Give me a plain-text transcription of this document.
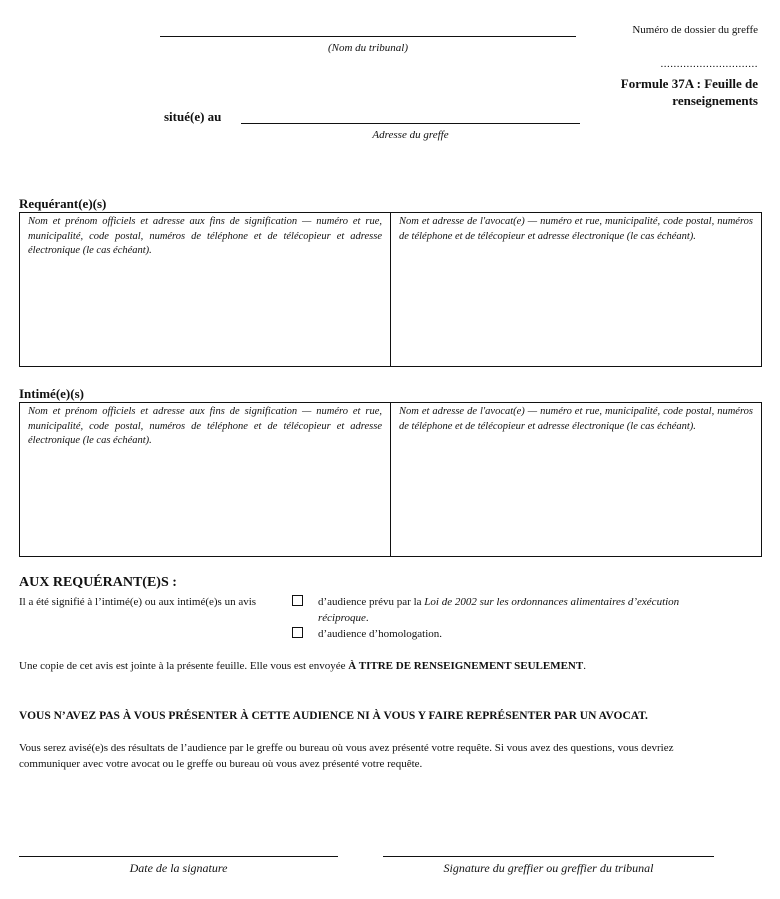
(Nom du tribunal)
Numéro de dossier du greffe
..............................
Formule 37A : Feuille de
renseignements
situé(e) au
Adresse du greffe
Requérant(e)(s)
Nom et prénom officiels et adresse aux fins de signification — numéro et rue, municipalité, code postal, numéros de téléphone et de télécopieur et adresse électronique (le cas échéant).
Nom et adresse de l'avocat(e) — numéro et rue, municipalité, code postal, numéros de téléphone et de télécopieur et adresse électronique (le cas échéant).
Intimé(e)(s)
Nom et prénom officiels et adresse aux fins de signification — numéro et rue, municipalité, code postal, numéros de téléphone et de télécopieur et adresse électronique (le cas échéant).
Nom et adresse de l'avocat(e) — numéro et rue, municipalité, code postal, numéros de téléphone et de télécopieur et adresse électronique (le cas échéant).
AUX REQUÉRANT(E)S :
Il a été signifié à l’intimé(e) ou aux intimé(e)s un avis	d’audience prévu par la Loi de 2002 sur les ordonnances alimentaires d’exécution
réciproque.
d’audience d’homologation.
Une copie de cet avis est jointe à la présente feuille. Elle vous est envoyée À TITRE DE RENSEIGNEMENT SEULEMENT.
VOUS N’AVEZ PAS À VOUS PRÉSENTER À CETTE AUDIENCE NI À VOUS Y FAIRE REPRÉSENTER PAR UN AVOCAT.
Vous serez avisé(e)s des résultats de l’audience par le greffe ou bureau où vous avez présenté votre requête. Si vous avez des questions, vous devriez
communiquer avec votre avocat ou le greffe ou bureau où vous avez présenté votre requête.
Date de la signature	Signature du greffier ou greffier du tribunal
